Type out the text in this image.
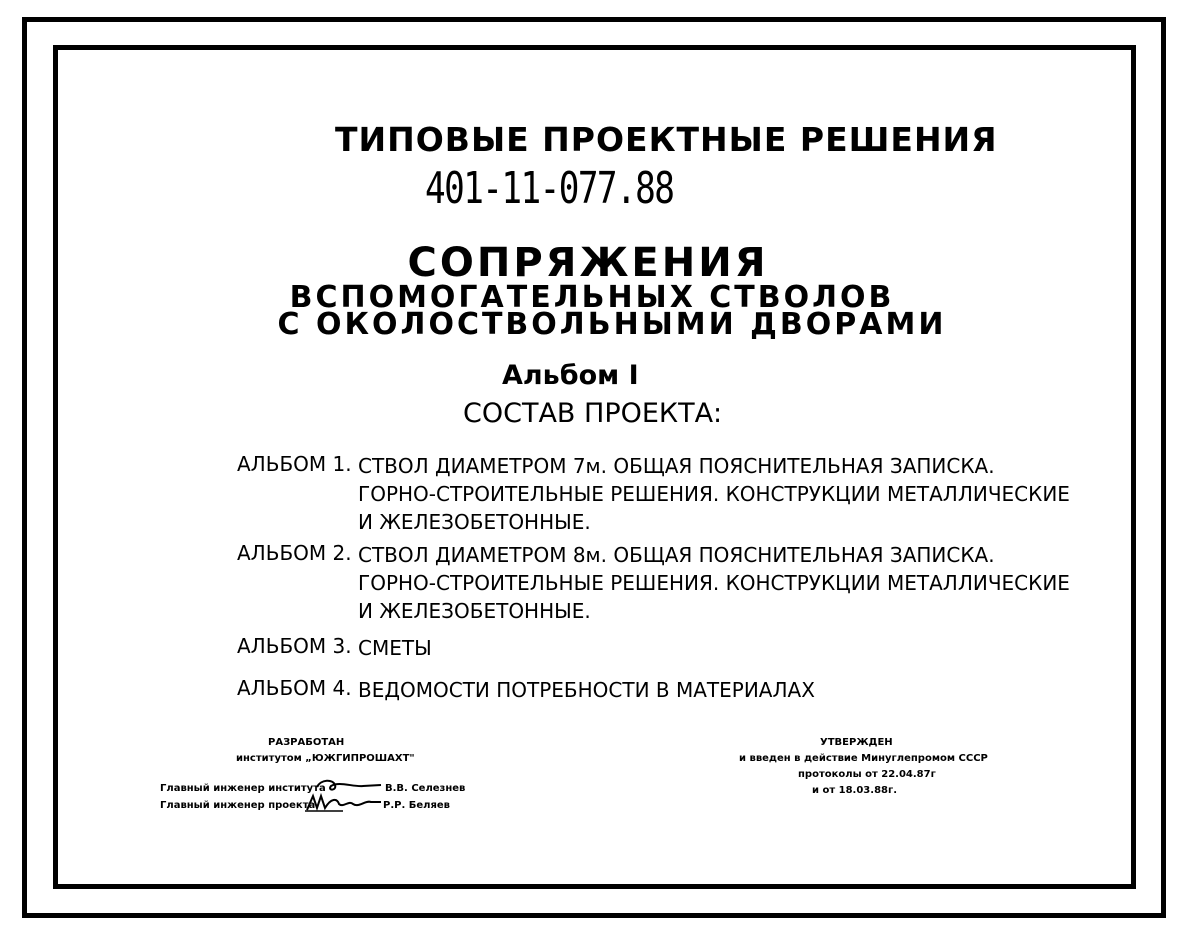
ТИПОВЫЕ ПРОЕКТНЫЕ РЕШЕНИЯ
401-11-077.88
СОПРЯЖЕНИЯ
ВСПОМОГАТЕЛЬНЫХ СТВОЛОВ
С ОКОЛОСТВОЛЬНЫМИ ДВОРАМИ
Альбом I
СОСТАВ ПРОЕКТА:
АЛЬБОМ 1. СТВОЛ ДИАМЕТРОМ 7м. ОБЩАЯ ПОЯСНИТЕЛЬНАЯ ЗАПИСКА.
ГОРНО-СТРОИТЕЛЬНЫЕ РЕШЕНИЯ. КОНСТРУКЦИИ МЕТАЛЛИЧЕСКИЕ
И ЖЕЛЕЗОБЕТОННЫЕ.
АЛЬБОМ 2. СТВОЛ ДИАМЕТРОМ 8м. ОБЩАЯ ПОЯСНИТЕЛЬНАЯ ЗАПИСКА.
ГОРНО-СТРОИТЕЛЬНЫЕ РЕШЕНИЯ. КОНСТРУКЦИИ МЕТАЛЛИЧЕСКИЕ
И ЖЕЛЕЗОБЕТОННЫЕ.
АЛЬБОМ 3. СМЕТЫ
АЛЬБОМ 4. ВЕДОМОСТИ ПОТРЕБНОСТИ В МАТЕРИАЛАХ
РАЗРАБОТАН
институтом „ЮЖГИПРОШАХТ"
Главный инженер института	В.В. Селезнев
Главный инженер проекта	Р.Р. Беляев
УТВЕРЖДЕН
и введен в действие Минуглепромом СССР
протоколы от 22.04.87г
и от 18.03.88г.
